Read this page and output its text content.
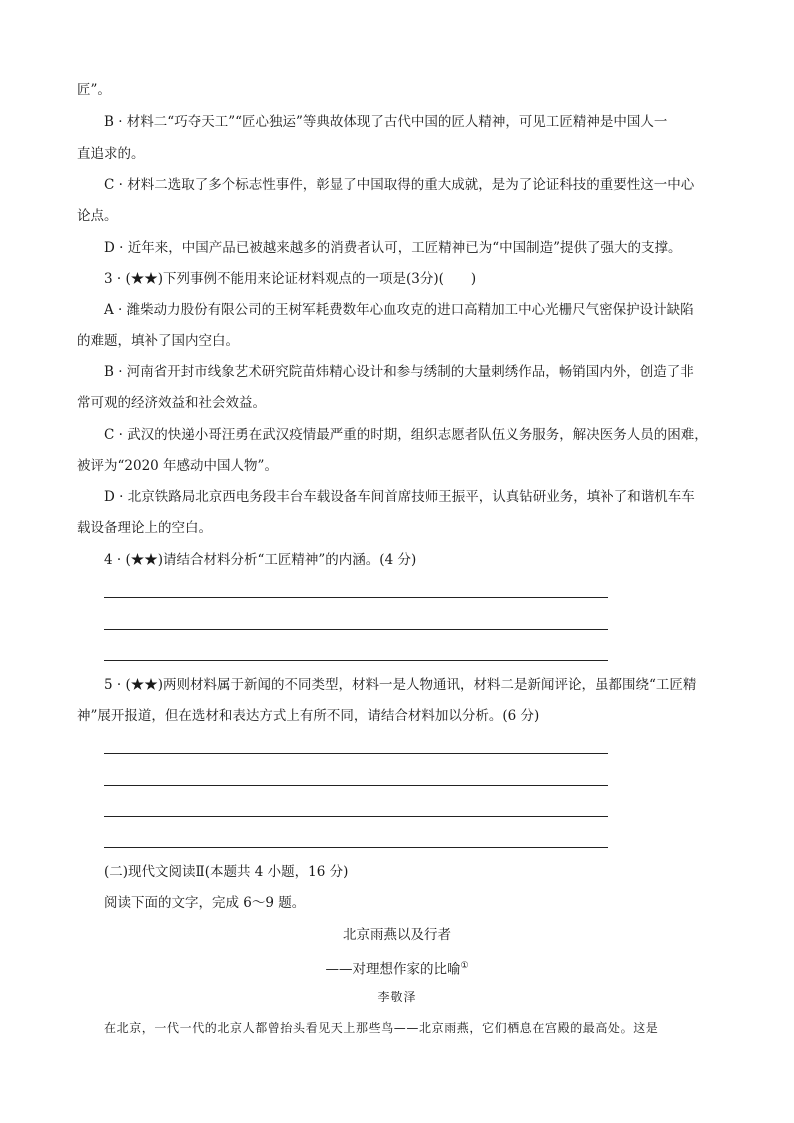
匠”。
B · 材料二“巧夺天工”“匠心独运”等典故体现了古代中国的匠人精神，可见工匠精神是中国人一
直追求的。
C · 材料二选取了多个标志性事件，彰显了中国取得的重大成就，是为了论证科技的重要性这一中心
论点。
D · 近年来，中国产品已被越来越多的消费者认可，工匠精神已为“中国制造”提供了强大的支撑。
3 · (★★)下列事例不能用来论证材料观点的一项是(3分)(　　)
A · 潍柴动力股份有限公司的王树军耗费数年心血攻克的进口高精加工中心光栅尺气密保护设计缺陷
的难题，填补了国内空白。
B · 河南省开封市线象艺术研究院苗炜精心设计和参与绣制的大量刺绣作品，畅销国内外，创造了非
常可观的经济效益和社会效益。
C · 武汉的快递小哥汪勇在武汉疫情最严重的时期，组织志愿者队伍义务服务，解决医务人员的困难，
被评为“2020 年感动中国人物”。
D · 北京铁路局北京西电务段丰台车载设备车间首席技师王振平，认真钻研业务，填补了和谐机车车
载设备理论上的空白。
4 · (★★)请结合材料分析“工匠精神”的内涵。(4 分)
5 · (★★)两则材料属于新闻的不同类型，材料一是人物通讯，材料二是新闻评论，虽都围绕“工匠精
神”展开报道，但在选材和表达方式上有所不同，请结合材料加以分析。(6 分)
(二)现代文阅读Ⅱ(本题共 4 小题，16 分)
阅读下面的文字，完成 6～9 题。
北京雨燕以及行者
——对理想作家的比喻①
李敬泽
在北京，一代一代的北京人都曾抬头看见天上那些鸟——北京雨燕，它们栖息在宫殿的最高处。这是
